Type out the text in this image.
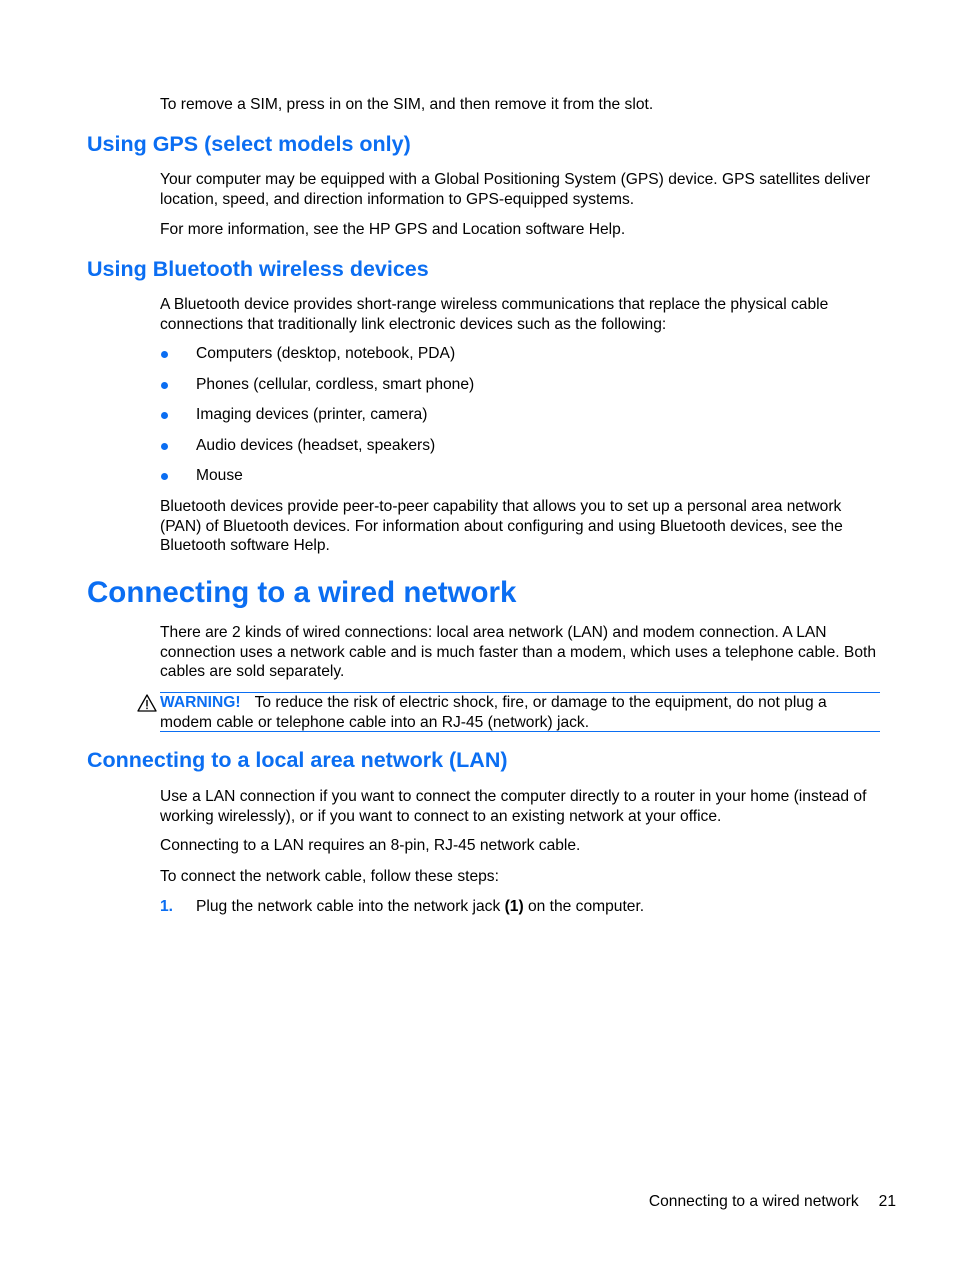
To remove a SIM, press in on the SIM, and then remove it from the slot.

Using GPS (select models only)

Your computer may be equipped with a Global Positioning System (GPS) device. GPS satellites deliver location, speed, and direction information to GPS-equipped systems.

For more information, see the HP GPS and Location software Help.

Using Bluetooth wireless devices

A Bluetooth device provides short-range wireless communications that replace the physical cable connections that traditionally link electronic devices such as the following:

Computers (desktop, notebook, PDA)
Phones (cellular, cordless, smart phone)
Imaging devices (printer, camera)
Audio devices (headset, speakers)
Mouse

Bluetooth devices provide peer-to-peer capability that allows you to set up a personal area network (PAN) of Bluetooth devices. For information about configuring and using Bluetooth devices, see the Bluetooth software Help.

Connecting to a wired network

There are 2 kinds of wired connections: local area network (LAN) and modem connection. A LAN connection uses a network cable and is much faster than a modem, which uses a telephone cable. Both cables are sold separately.

WARNING! To reduce the risk of electric shock, fire, or damage to the equipment, do not plug a modem cable or telephone cable into an RJ-45 (network) jack.

Connecting to a local area network (LAN)

Use a LAN connection if you want to connect the computer directly to a router in your home (instead of working wirelessly), or if you want to connect to an existing network at your office.

Connecting to a LAN requires an 8-pin, RJ-45 network cable.

To connect the network cable, follow these steps:

1. Plug the network cable into the network jack (1) on the computer.
Connecting to a wired network 21
